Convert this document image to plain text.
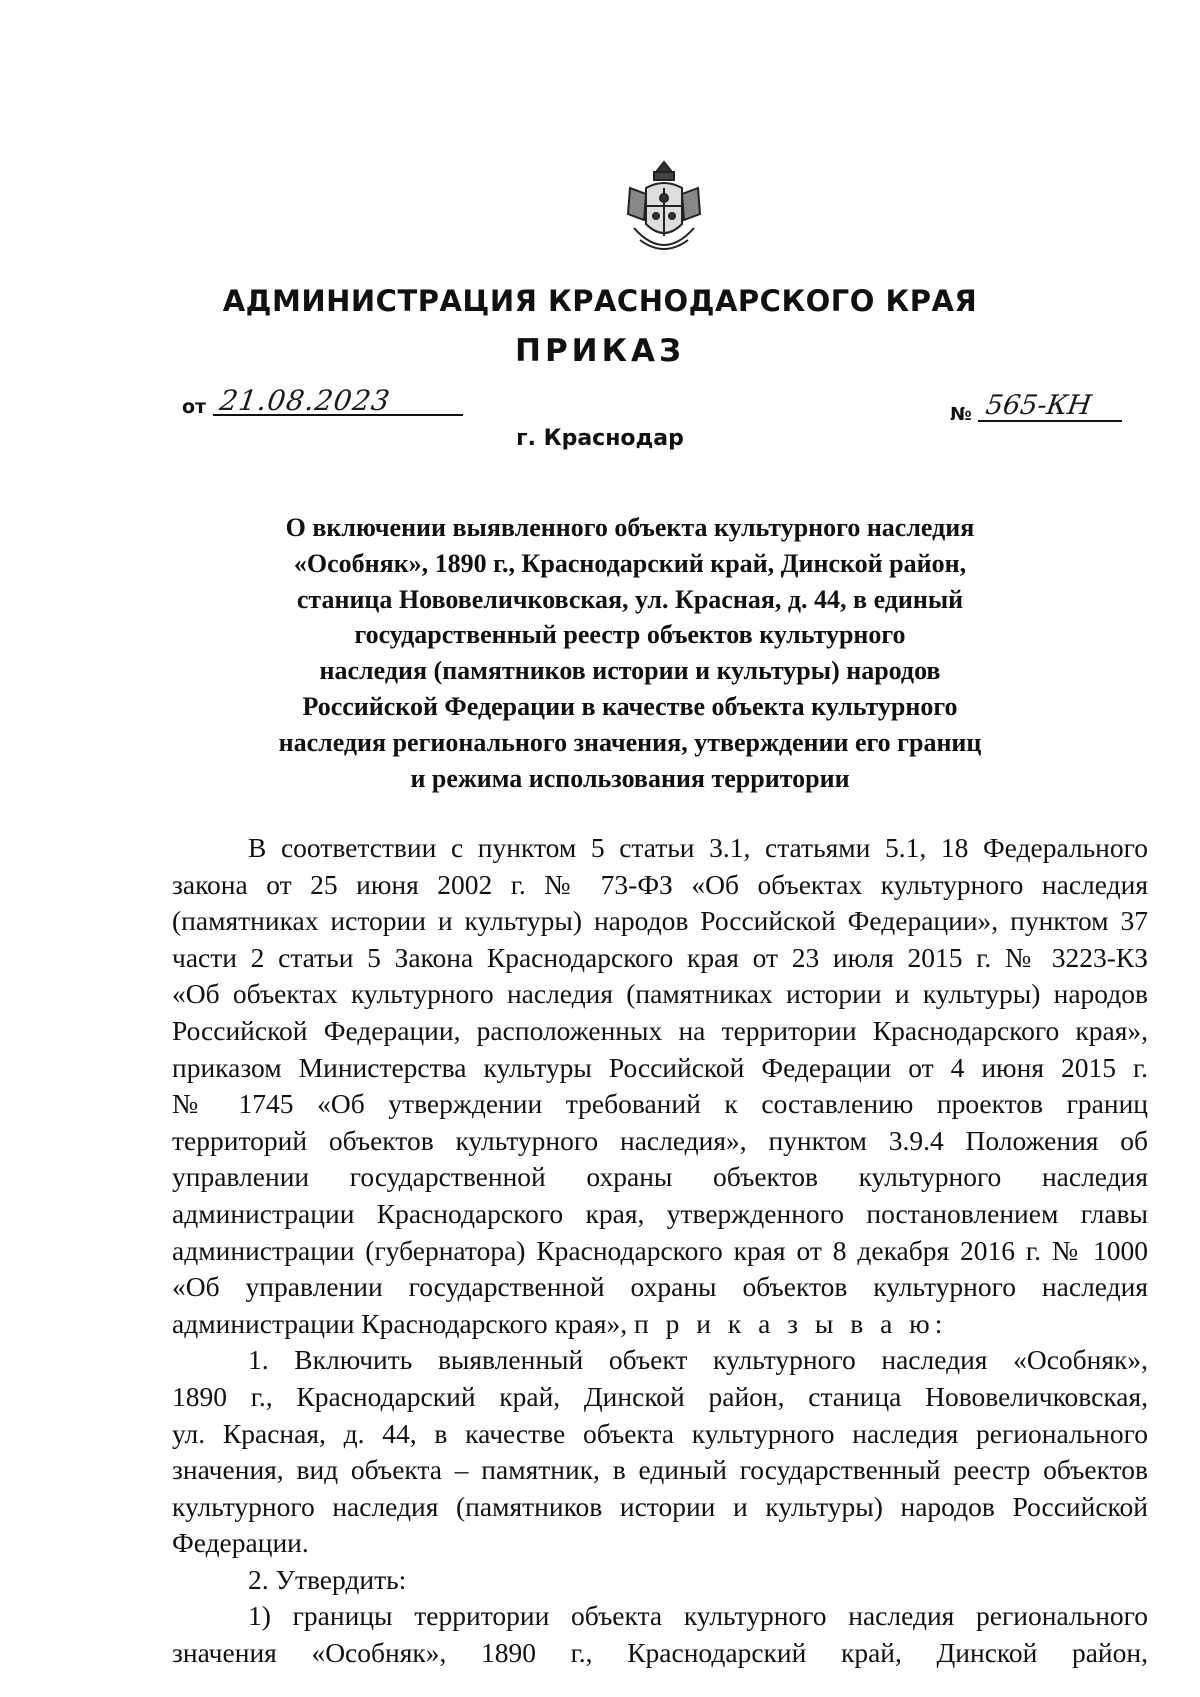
АДМИНИСТРАЦИЯ КРАСНОДАРСКОГО КРАЯ
ПРИКАЗ
от 21.08.2023
г. Краснодар
№ 565-КН
О включении выявленного объекта культурного наследия
«Особняк», 1890 г., Краснодарский край, Динской район,
станица Нововеличковская, ул. Красная, д. 44, в единый
государственный реестр объектов культурного
наследия (памятников истории и культуры) народов
Российской Федерации в качестве объекта культурного
наследия регионального значения, утверждении его границ
и режима использования территории
В соответствии с пунктом 5 статьи 3.1, статьями 5.1, 18 Федерального
закона от 25 июня 2002 г. № 73-ФЗ «Об объектах культурного наследия
(памятниках истории и культуры) народов Российской Федерации», пунктом 37
части 2 статьи 5 Закона Краснодарского края от 23 июля 2015 г. № 3223-КЗ
«Об объектах культурного наследия (памятниках истории и культуры) народов
Российской Федерации, расположенных на территории Краснодарского края»,
приказом Министерства культуры Российской Федерации от 4 июня 2015 г.
№ 1745 «Об утверждении требований к составлению проектов границ
территорий объектов культурного наследия», пунктом 3.9.4 Положения об
управлении государственной охраны объектов культурного наследия
администрации Краснодарского края, утвержденного постановлением главы
администрации (губернатора) Краснодарского края от 8 декабря 2016 г. № 1000
«Об управлении государственной охраны объектов культурного наследия
администрации Краснодарского края», п р и к а з ы в а ю:
1. Включить выявленный объект культурного наследия «Особняк»,
1890 г., Краснодарский край, Динской район, станица Нововеличковская,
ул. Красная, д. 44, в качестве объекта культурного наследия регионального
значения, вид объекта – памятник, в единый государственный реестр объектов
культурного наследия (памятников истории и культуры) народов Российской
Федерации.
2. Утвердить:
1) границы территории объекта культурного наследия регионального
значения «Особняк», 1890 г., Краснодарский край, Динской район,
